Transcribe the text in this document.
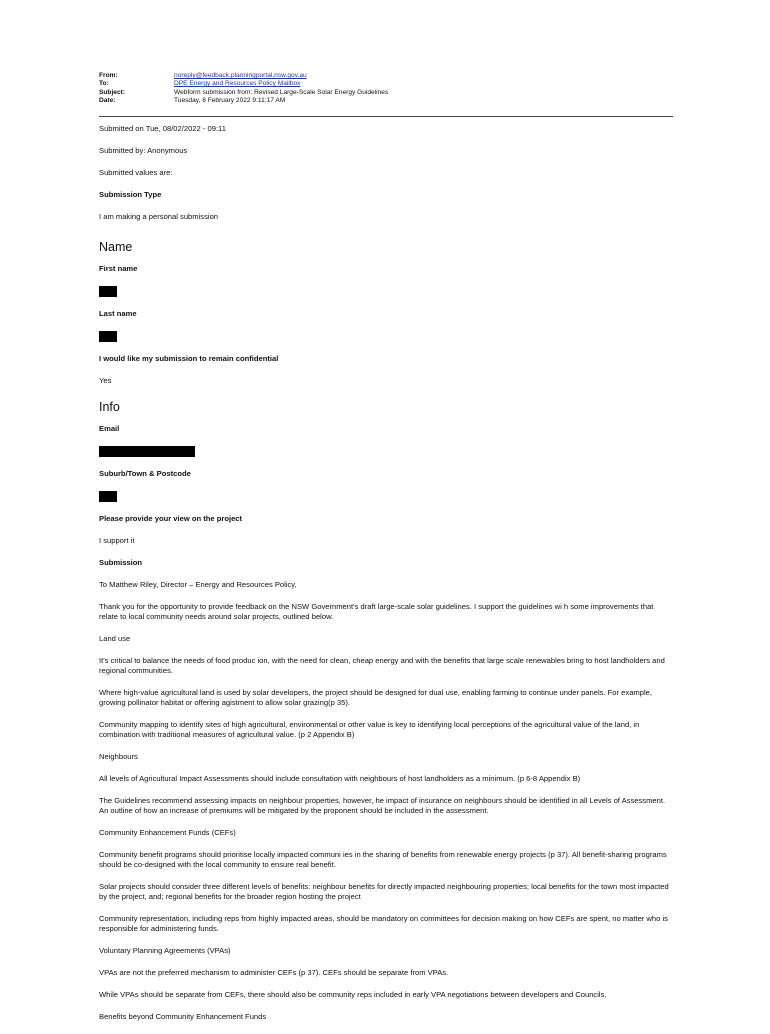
From:	noreply@feedback.planningportal.nsw.gov.au
To:	DPE Energy and Resources Policy Mailbox
Subject:	Webform submission from: Revised Large-Scale Solar Energy Guidelines
Date:	Tuesday, 8 February 2022 9:11:17 AM

Submitted on Tue, 08/02/2022 - 09:11

Submitted by: Anonymous

Submitted values are:

Submission Type

I am making a personal submission

Name

First name

Last name

I would like my submission to remain confidential

Yes

Info

Email

Suburb/Town & Postcode

Please provide your view on the project

I support it

Submission

To Matthew Riley, Director – Energy and Resources Policy,

Thank you for the opportunity to provide feedback on the NSW Government's draft large-scale solar guidelines. I support the guidelines wi h some improvements that relate to local community needs around solar projects, outlined below.

Land use

It's critical to balance the needs of food produc ion, with the need for clean, cheap energy and with the benefits that large scale renewables bring to host landholders and regional communities.

Where high-value agricultural land is used by solar developers, the project should be designed for dual use, enabling farming to continue under panels. For example, growing pollinator habitat or offering agistment to allow solar grazing(p 35).

Community mapping to identify sites of high agricultural, environmental or other value is key to identifying local perceptions of the agricultural value of the land, in combination with traditional measures of agricultural value. (p 2 Appendix B)

Neighbours

All levels of Agricultural Impact Assessments should include consultation with neighbours of host landholders as a minimum. (p 6-8 Appendix B)

The Guidelines recommend assessing impacts on neighbour properties, however, he impact of insurance on neighbours should be identified in all Levels of Assessment. An outline of how an increase of premiums will be mitigated by the proponent should be included in the assessment.

Community Enhancement Funds (CEFs)

Community benefit programs should prioritise locally impacted communi ies in the sharing of benefits from renewable energy projects (p 37). All benefit-sharing programs should be co-designed with the local community to ensure real benefit.

Solar projects should consider three different levels of benefits: neighbour benefits for directly impacted neighbouring properties; local benefits for the town most impacted by the project, and; regional benefits for the broader region hosting the project

Community representation, including reps from highly impacted areas, should be mandatory on committees for decision making on how CEFs are spent, no matter who is responsible for administering funds.

Voluntary Planning Agreements (VPAs)

VPAs are not the preferred mechanism to administer CEFs (p 37). CEFs should be separate from VPAs.

While VPAs should be separate from CEFs, there should also be community reps included in early VPA negotiations between developers and Councils.

Benefits beyond Community Enhancement Funds
